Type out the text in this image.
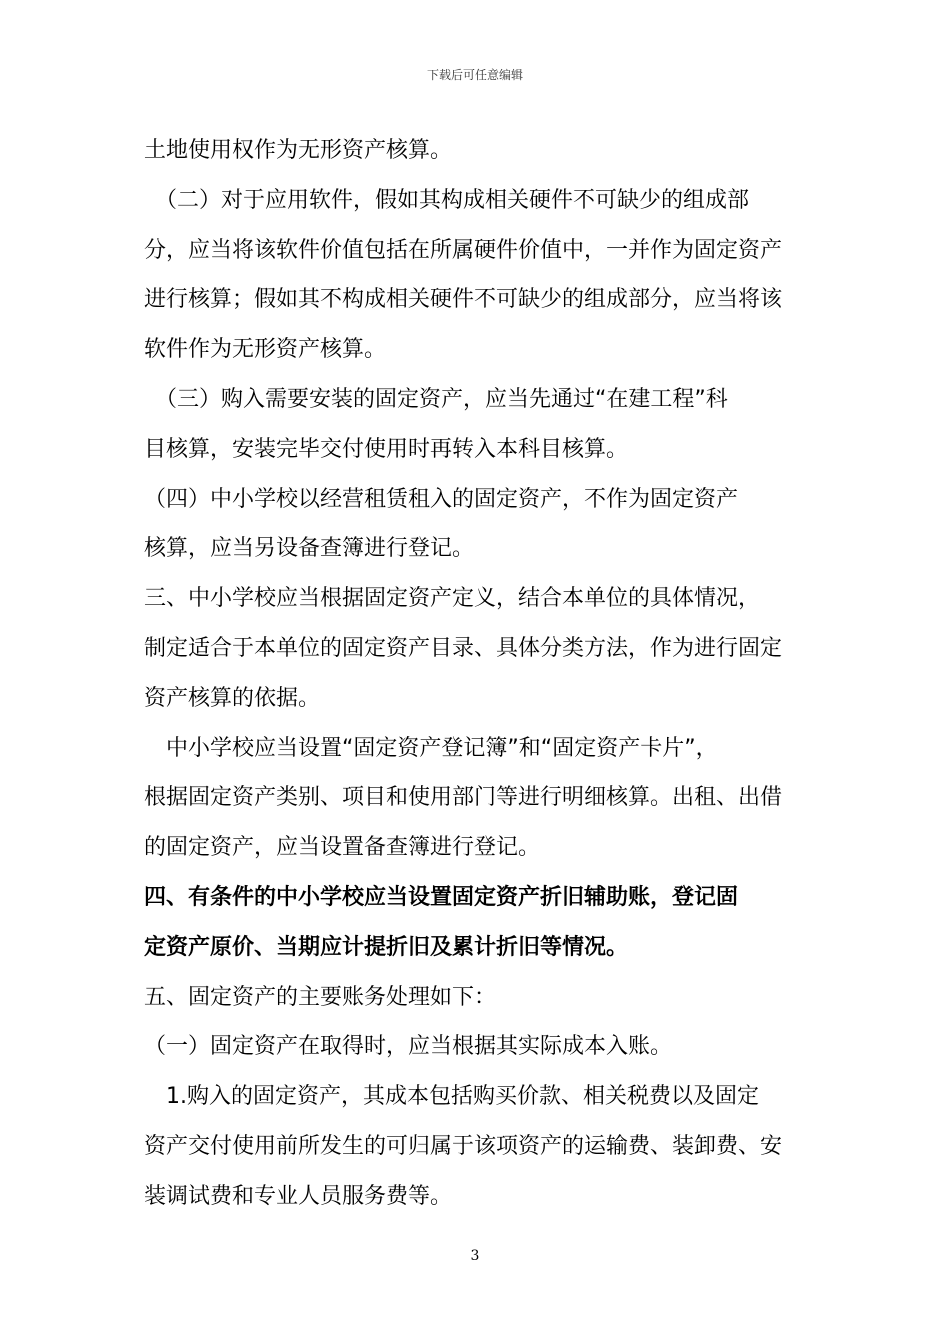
下载后可任意编辑
土地使用权作为无形资产核算。
　（二）对于应用软件，假如其构成相关硬件不可缺少的组成部
分，应当将该软件价值包括在所属硬件价值中，一并作为固定资产
进行核算；假如其不构成相关硬件不可缺少的组成部分，应当将该
软件作为无形资产核算。
　（三）购入需要安装的固定资产，应当先通过“在建工程”科
目核算，安装完毕交付使用时再转入本科目核算。
（四）中小学校以经营租赁租入的固定资产，不作为固定资产
核算，应当另设备查簿进行登记。
三、中小学校应当根据固定资产定义，结合本单位的具体情况，
制定适合于本单位的固定资产目录、具体分类方法，作为进行固定
资产核算的依据。
　中小学校应当设置“固定资产登记簿”和“固定资产卡片”，
根据固定资产类别、项目和使用部门等进行明细核算。出租、出借
的固定资产，应当设置备查簿进行登记。
四、有条件的中小学校应当设置固定资产折旧辅助账，登记固
定资产原价、当期应计提折旧及累计折旧等情况。
五、固定资产的主要账务处理如下：
（一）固定资产在取得时，应当根据其实际成本入账。
　1.购入的固定资产，其成本包括购买价款、相关税费以及固定
资产交付使用前所发生的可归属于该项资产的运输费、装卸费、安
装调试费和专业人员服务费等。
3
